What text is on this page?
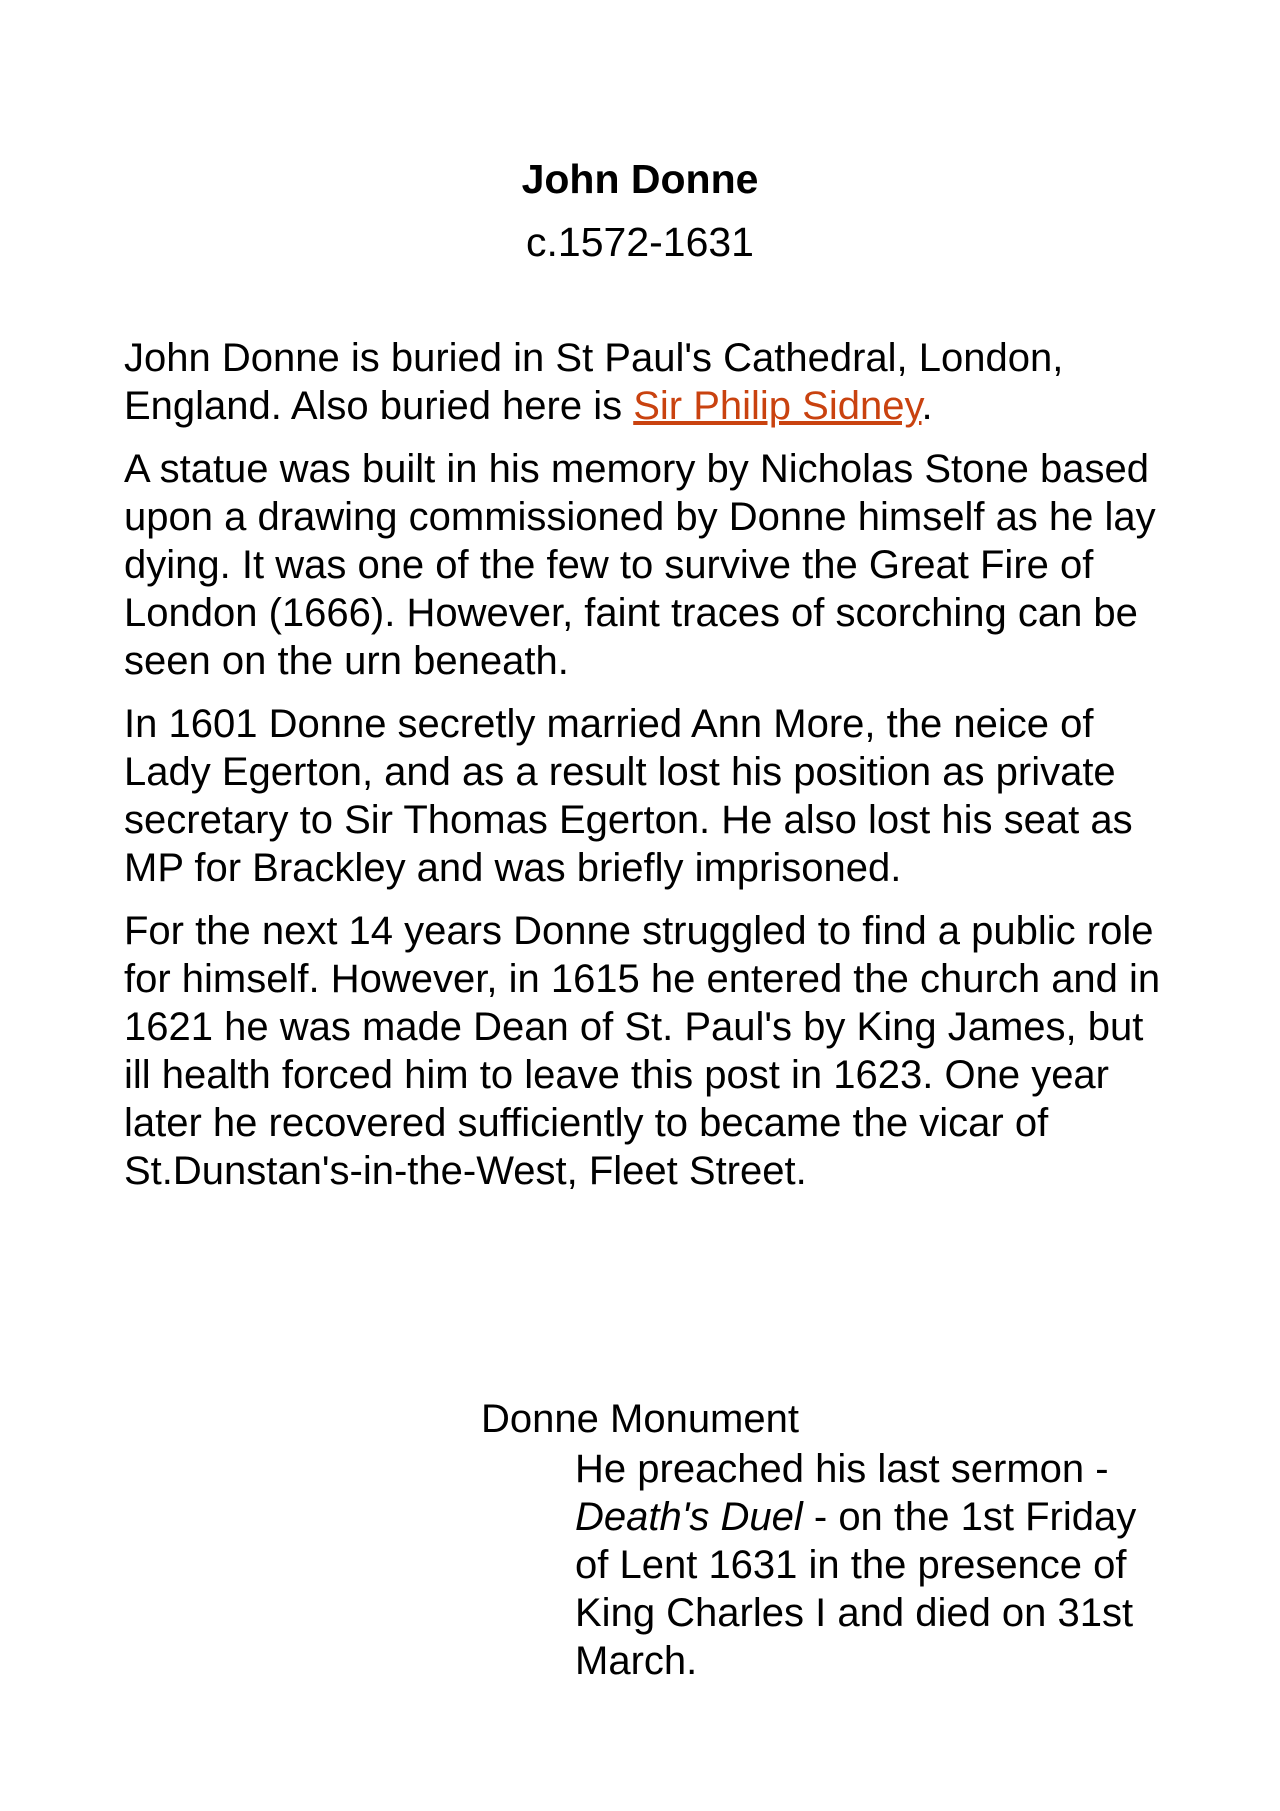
John Donne
c.1572-1631

John Donne is buried in St Paul's Cathedral, London, England. Also buried here is Sir Philip Sidney.

A statue was built in his memory by Nicholas Stone based upon a drawing commissioned by Donne himself as he lay dying. It was one of the few to survive the Great Fire of London (1666). However, faint traces of scorching can be seen on the urn beneath.

In 1601 Donne secretly married Ann More, the neice of Lady Egerton, and as a result lost his position as private secretary to Sir Thomas Egerton. He also lost his seat as MP for Brackley and was briefly imprisoned.

For the next 14 years Donne struggled to find a public role for himself. However, in 1615 he entered the church and in 1621 he was made Dean of St. Paul's by King James, but ill health forced him to leave this post in 1623. One year later he recovered sufficiently to became the vicar of St.Dunstan's-in-the-West, Fleet Street.

Donne Monument

He preached his last sermon - Death's Duel - on the 1st Friday of Lent 1631 in the presence of King Charles I and died on 31st March.
